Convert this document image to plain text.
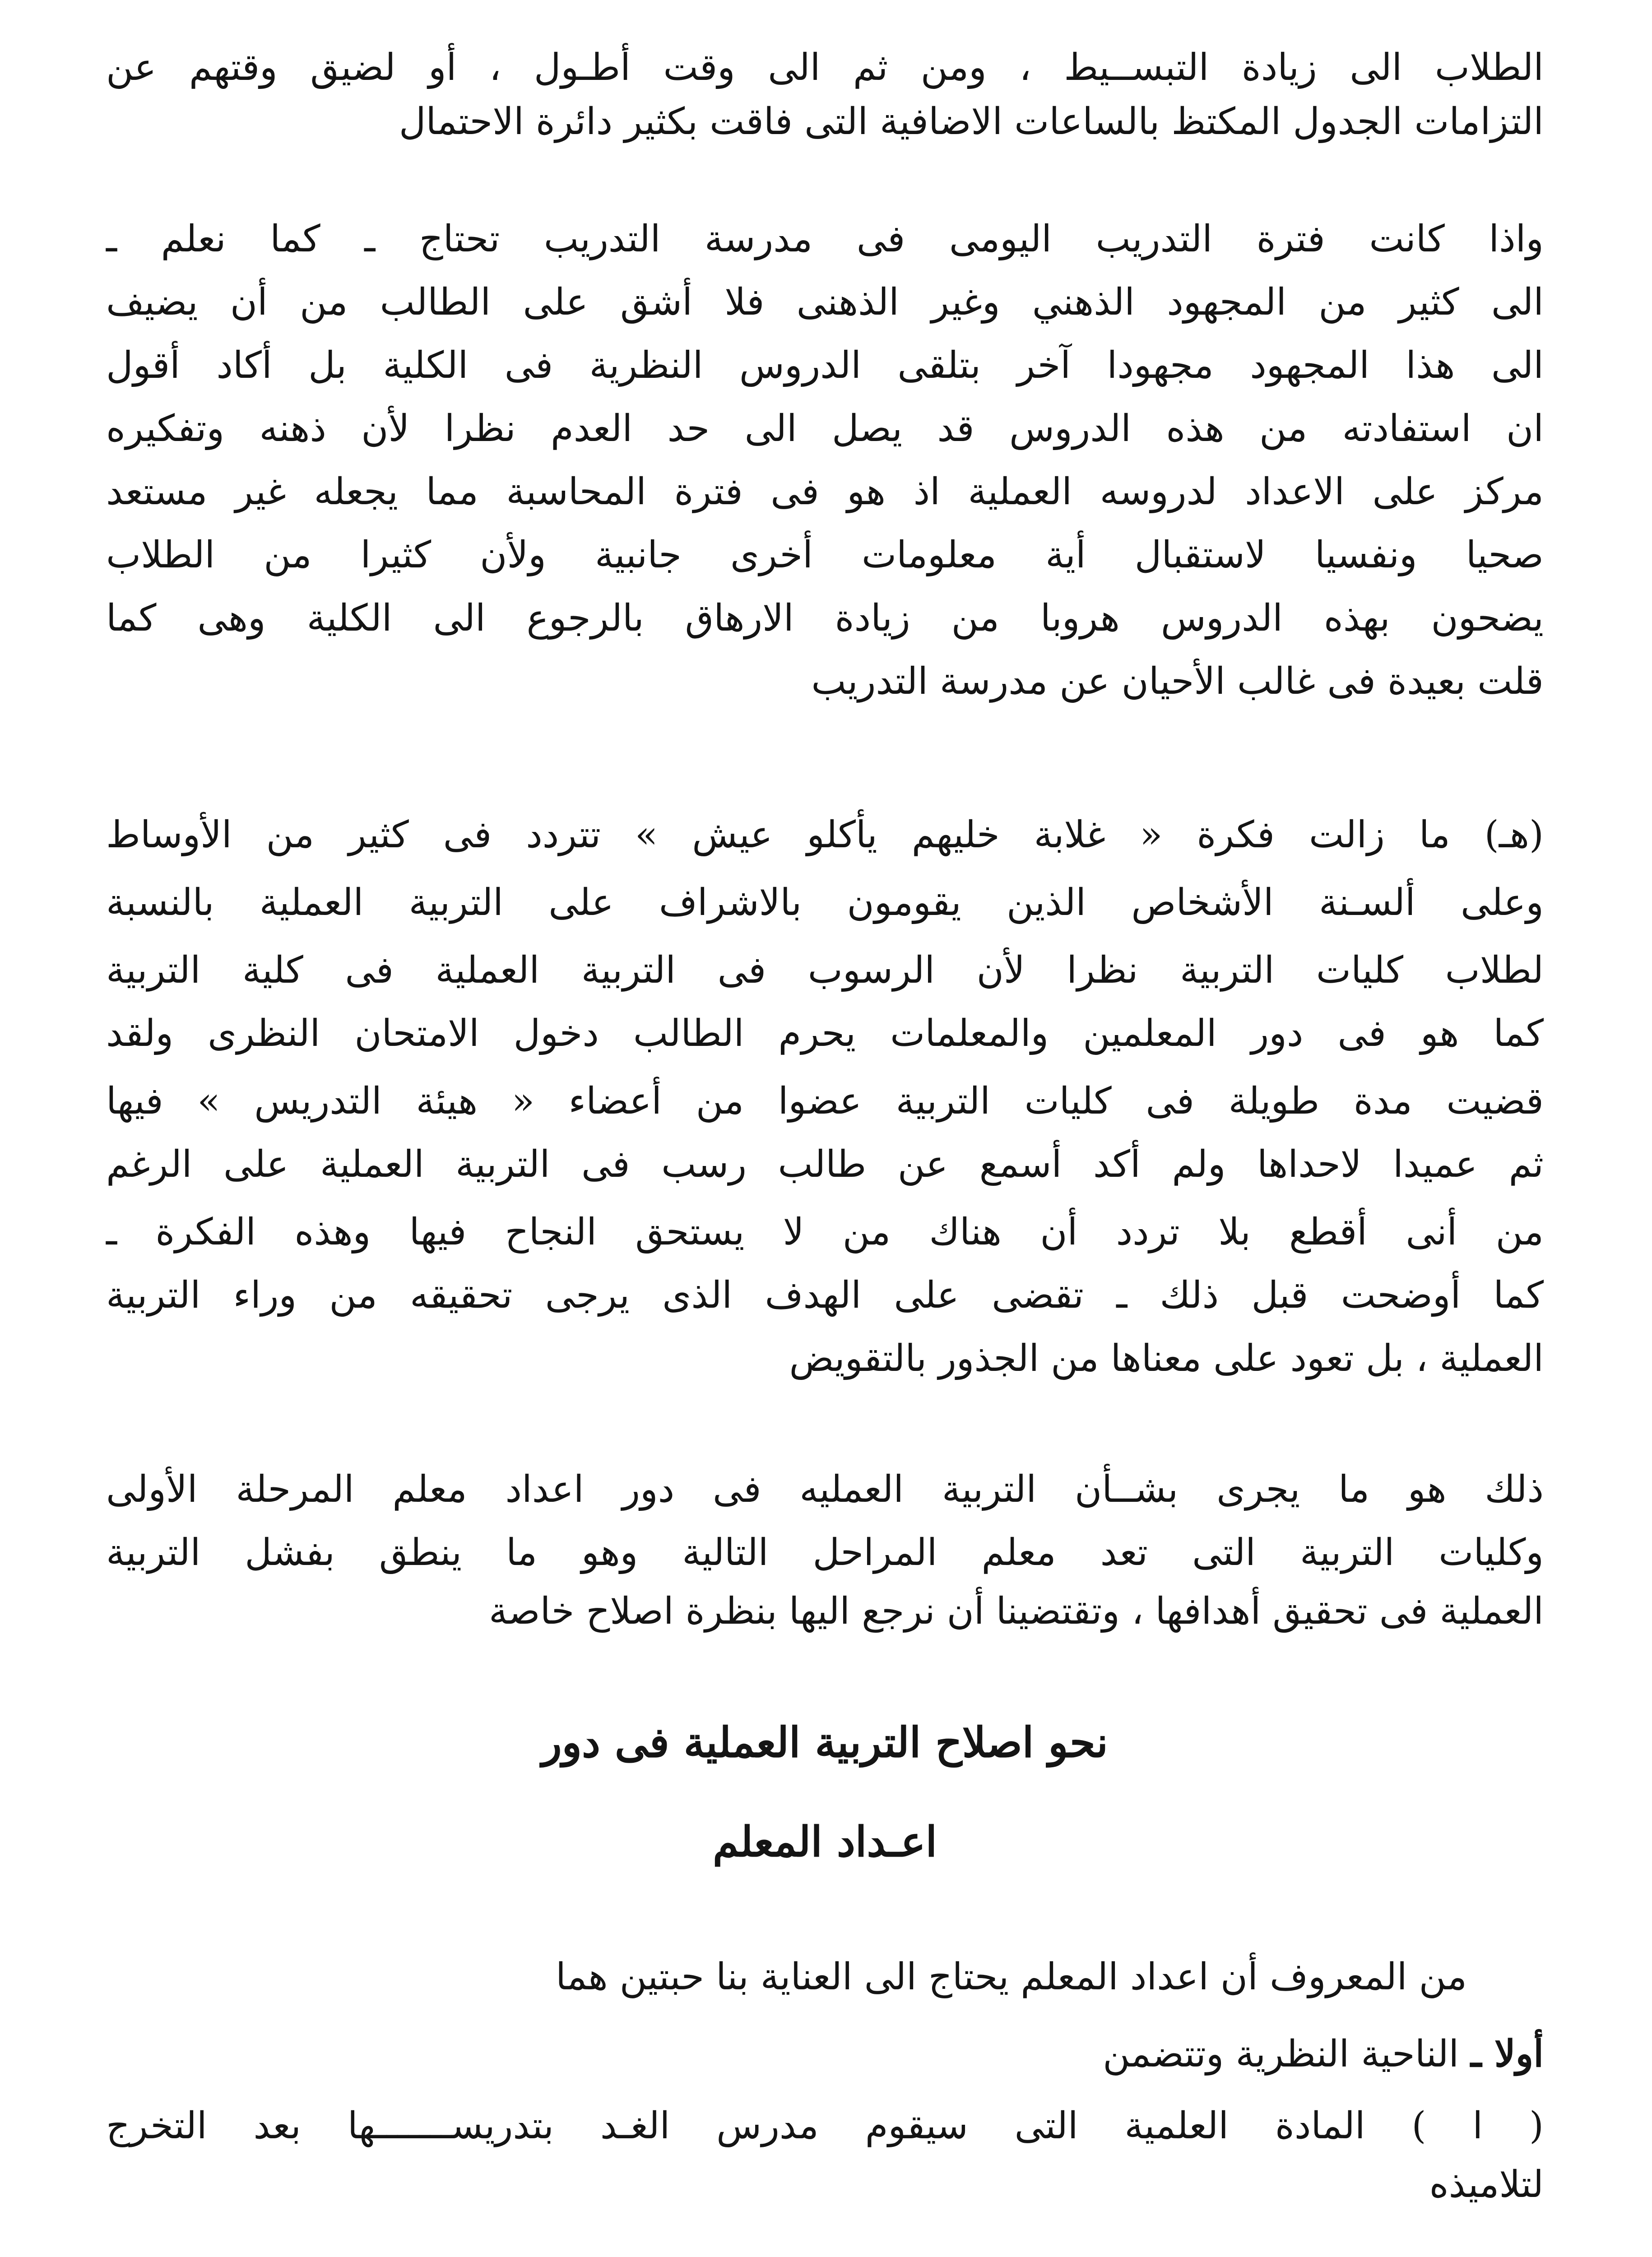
الطلاب الى زيادة التبســيط ، ومن ثم الى وقت أطـول ، أو لضيق وقتهم عن
التزامات الجدول المكتظ بالساعات الاضافية التى فاقت بكثير دائرة الاحتمال
واذا كانت فترة التدريب اليومى فى مدرسة التدريب تحتاج ـ كما نعلم ـ
الى كثير من المجهود الذهني وغير الذهنى فلا أشق على الطالب من أن يضيف
الى هذا المجهود مجهودا آخر بتلقى الدروس النظرية فى الكلية بل أكاد أقول
ان استفادته من هذه الدروس قد يصل الى حد العدم نظرا لأن ذهنه وتفكيره
مركز على الاعداد لدروسه العملية اذ هو فى فترة المحاسبة مما يجعله غير مستعد
صحيا ونفسيا لاستقبال أية معلومات أخرى جانبية ولأن كثيرا من الطلاب
يضحون بهذه الدروس هروبا من زيادة الارهاق بالرجوع الى الكلية وهى كما
قلت بعيدة فى غالب الأحيان عن مدرسة التدريب
(هـ) ما زالت فكرة « غلابة خليهم يأكلو عيش » تتردد فى كثير من الأوساط
وعلى ألسـنة الأشخاص الذين يقومون بالاشراف على التربية العملية بالنسبة
لطلاب كليات التربية نظرا لأن الرسوب فى التربية العملية فى كلية التربية
كما هو فى دور المعلمين والمعلمات يحرم الطالب دخول الامتحان النظرى ولقد
قضيت مدة طويلة فى كليات التربية عضوا من أعضاء « هيئة التدريس » فيها
ثم عميدا لاحداها ولم أكد أسمع عن طالب رسب فى التربية العملية على الرغم
من أنى أقطع بلا تردد أن هناك من لا يستحق النجاح فيها وهذه الفكرة ـ
كما أوضحت قبل ذلك ـ تقضى على الهدف الذى يرجى تحقيقه من وراء التربية
العملية ، بل تعود على معناها من الجذور بالتقويض
ذلك هو ما يجرى بشــأن التربية العمليه فى دور اعداد معلم المرحلة الأولى
وكليات التربية التى تعد معلم المراحل التالية وهو ما ينطق بفشل التربية
العملية فى تحقيق أهدافها ، وتقتضينا أن نرجع اليها بنظرة اصلاح خاصة
نحو اصلاح التربية العملية فى دور
اعـداد المعلم
من المعروف أن اعداد المعلم يحتاج الى العناية بنا حبتين هما
أولا ـ الناحية النظرية وتتضمن
( ا ) المادة العلمية التى سيقوم مدرس الغـد بتدريســـــــها بعد التخرج
لتلاميذه
